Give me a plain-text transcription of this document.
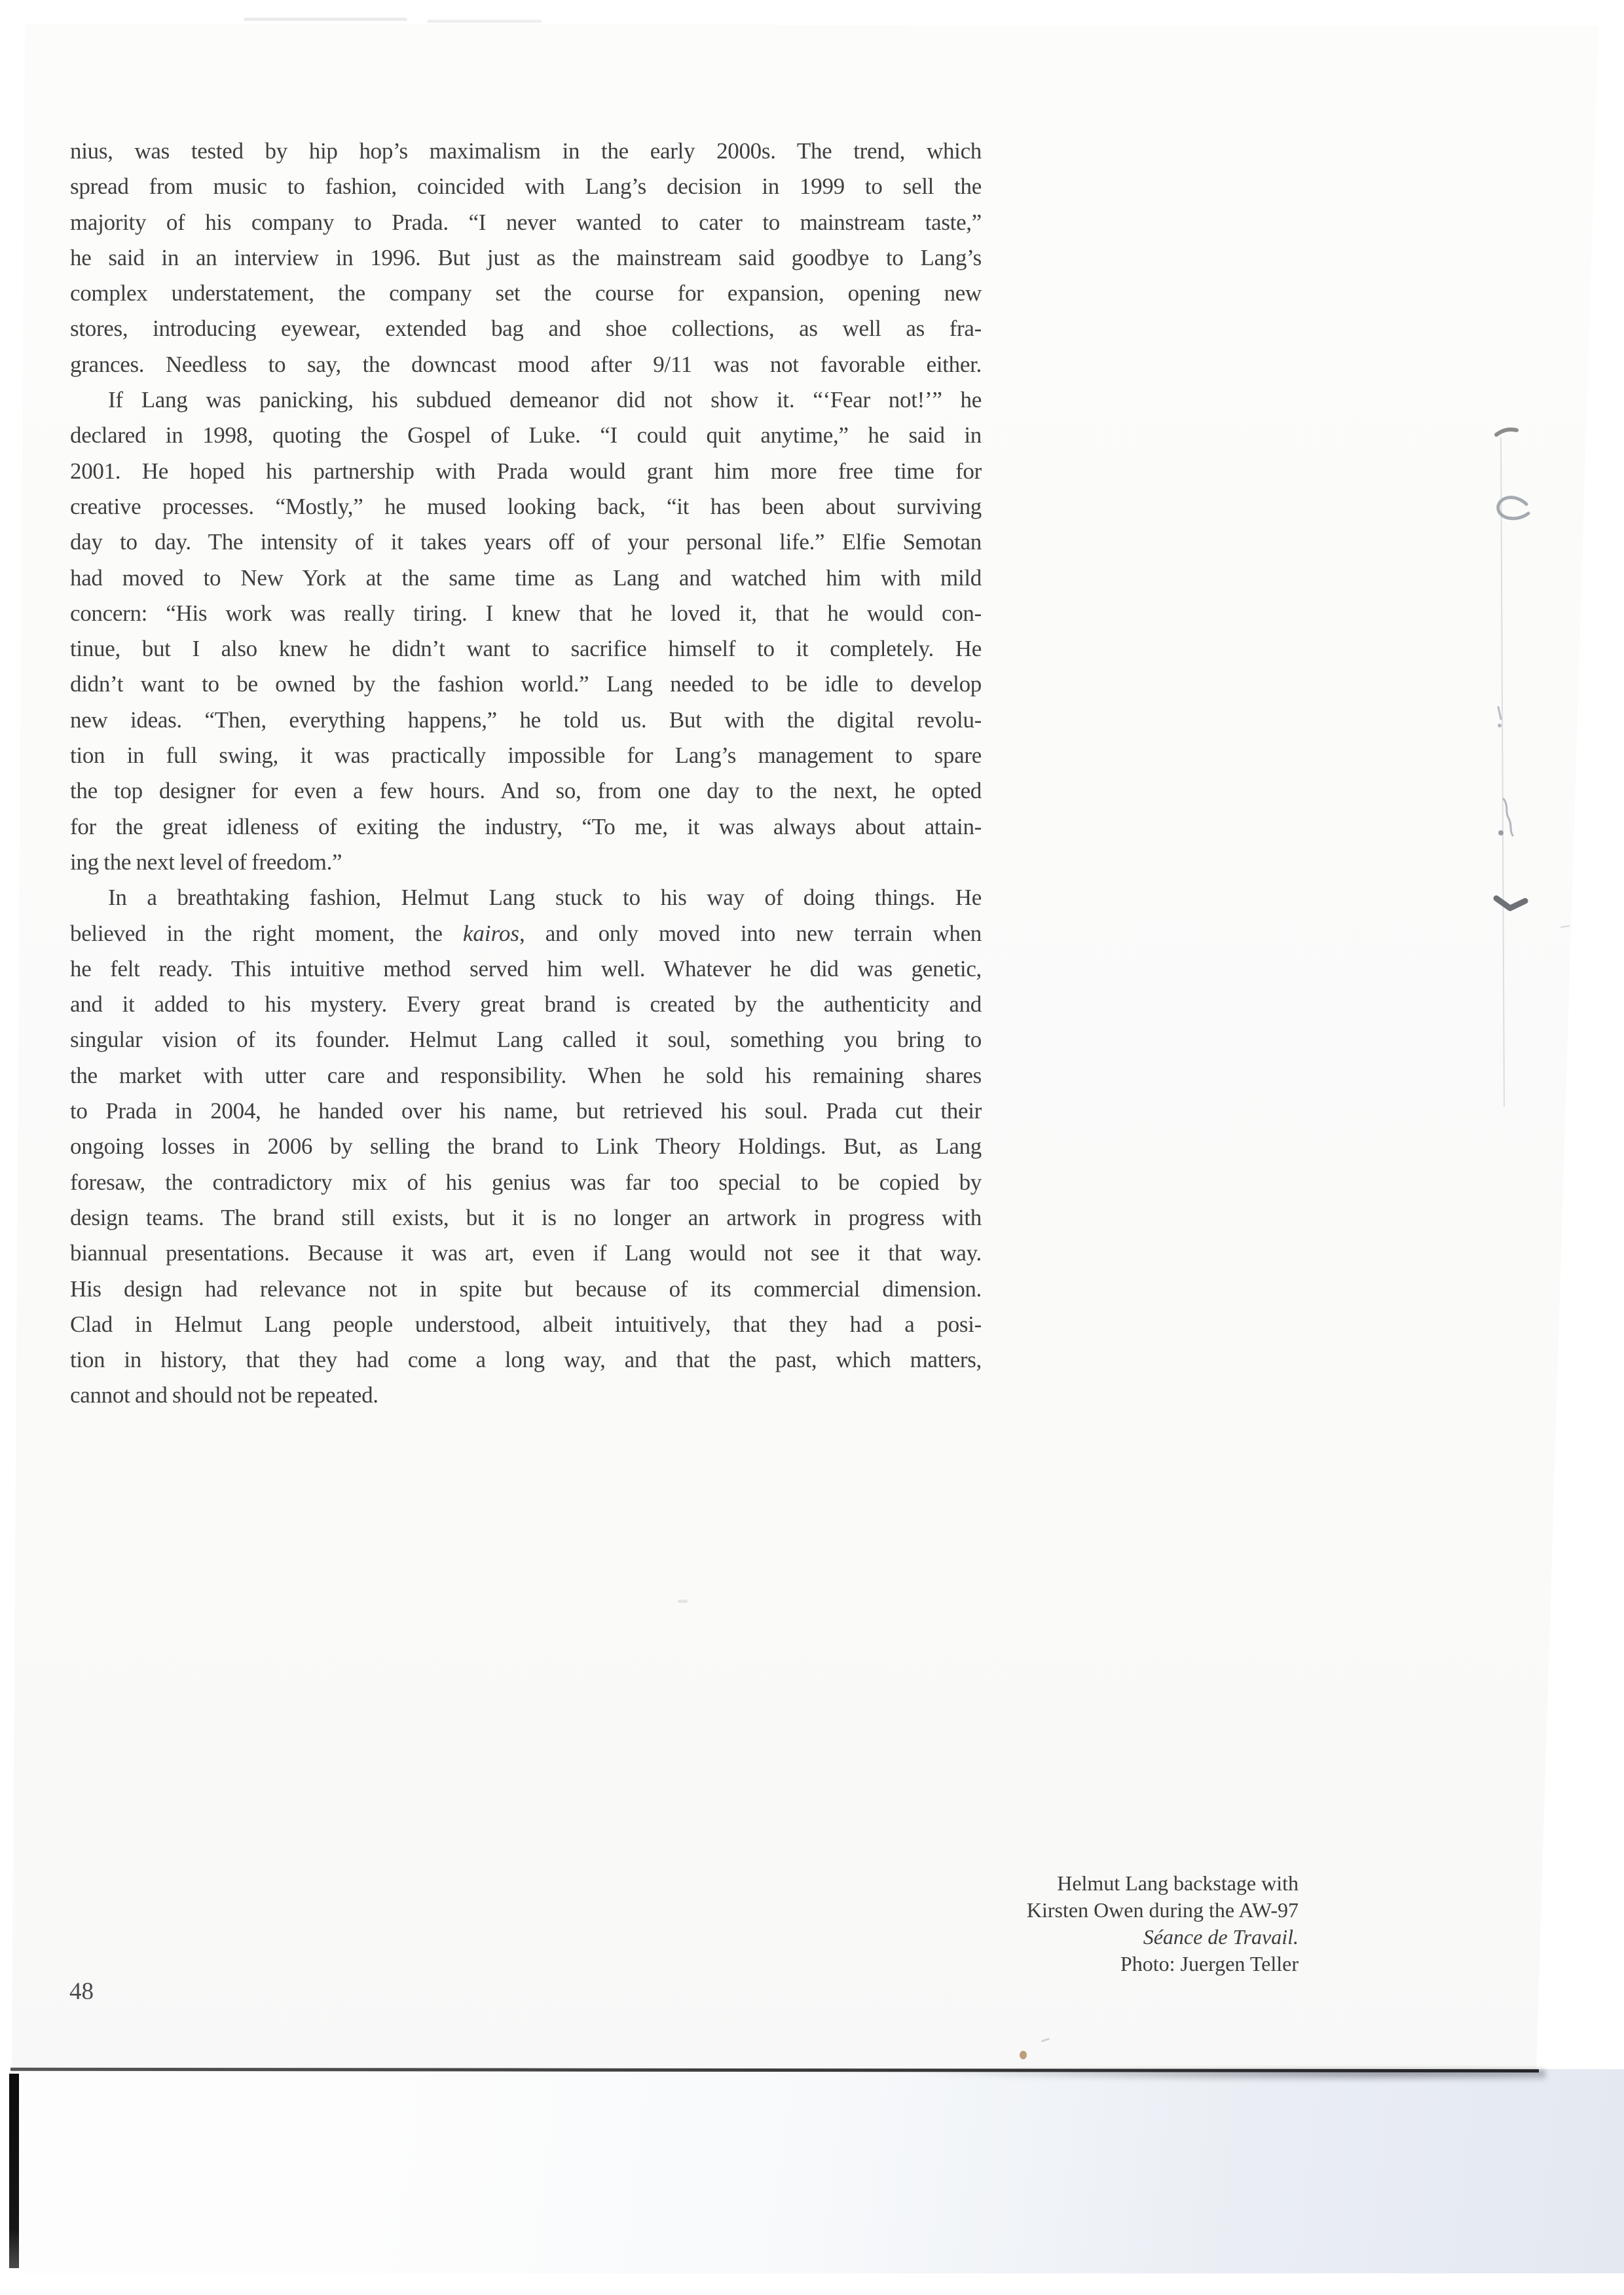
nius, was tested by hip hop’s maximalism in the early 2000s. The trend, which
spread from music to fashion, coincided with Lang’s decision in 1999 to sell the
majority of his company to Prada. “I never wanted to cater to mainstream taste,”
he said in an interview in 1996. But just as the mainstream said goodbye to Lang’s
complex understatement, the company set the course for expansion, opening new
stores, introducing eyewear, extended bag and shoe collections, as well as fra-
grances. Needless to say, the downcast mood after 9/11 was not favorable either.
If Lang was panicking, his subdued demeanor did not show it. “‘Fear not!’” he
declared in 1998, quoting the Gospel of Luke. “I could quit anytime,” he said in
2001. He hoped his partnership with Prada would grant him more free time for
creative processes. “Mostly,” he mused looking back, “it has been about surviving
day to day. The intensity of it takes years off of your personal life.” Elfie Semotan
had moved to New York at the same time as Lang and watched him with mild
concern: “His work was really tiring. I knew that he loved it, that he would con-
tinue, but I also knew he didn’t want to sacrifice himself to it completely. He
didn’t want to be owned by the fashion world.” Lang needed to be idle to develop
new ideas. “Then, everything happens,” he told us. But with the digital revolu-
tion in full swing, it was practically impossible for Lang’s management to spare
the top designer for even a few hours. And so, from one day to the next, he opted
for the great idleness of exiting the industry, “To me, it was always about attain-
ing the next level of freedom.”
In a breathtaking fashion, Helmut Lang stuck to his way of doing things. He
believed in the right moment, the kairos, and only moved into new terrain when
he felt ready. This intuitive method served him well. Whatever he did was genetic,
and it added to his mystery. Every great brand is created by the authenticity and
singular vision of its founder. Helmut Lang called it soul, something you bring to
the market with utter care and responsibility. When he sold his remaining shares
to Prada in 2004, he handed over his name, but retrieved his soul. Prada cut their
ongoing losses in 2006 by selling the brand to Link Theory Holdings. But, as Lang
foresaw, the contradictory mix of his genius was far too special to be copied by
design teams. The brand still exists, but it is no longer an artwork in progress with
biannual presentations. Because it was art, even if Lang would not see it that way.
His design had relevance not in spite but because of its commercial dimension.
Clad in Helmut Lang people understood, albeit intuitively, that they had a posi-
tion in history, that they had come a long way, and that the past, which matters,
cannot and should not be repeated.
Helmut Lang backstage with
Kirsten Owen during the AW-97
Séance de Travail.
Photo: Juergen Teller
48
